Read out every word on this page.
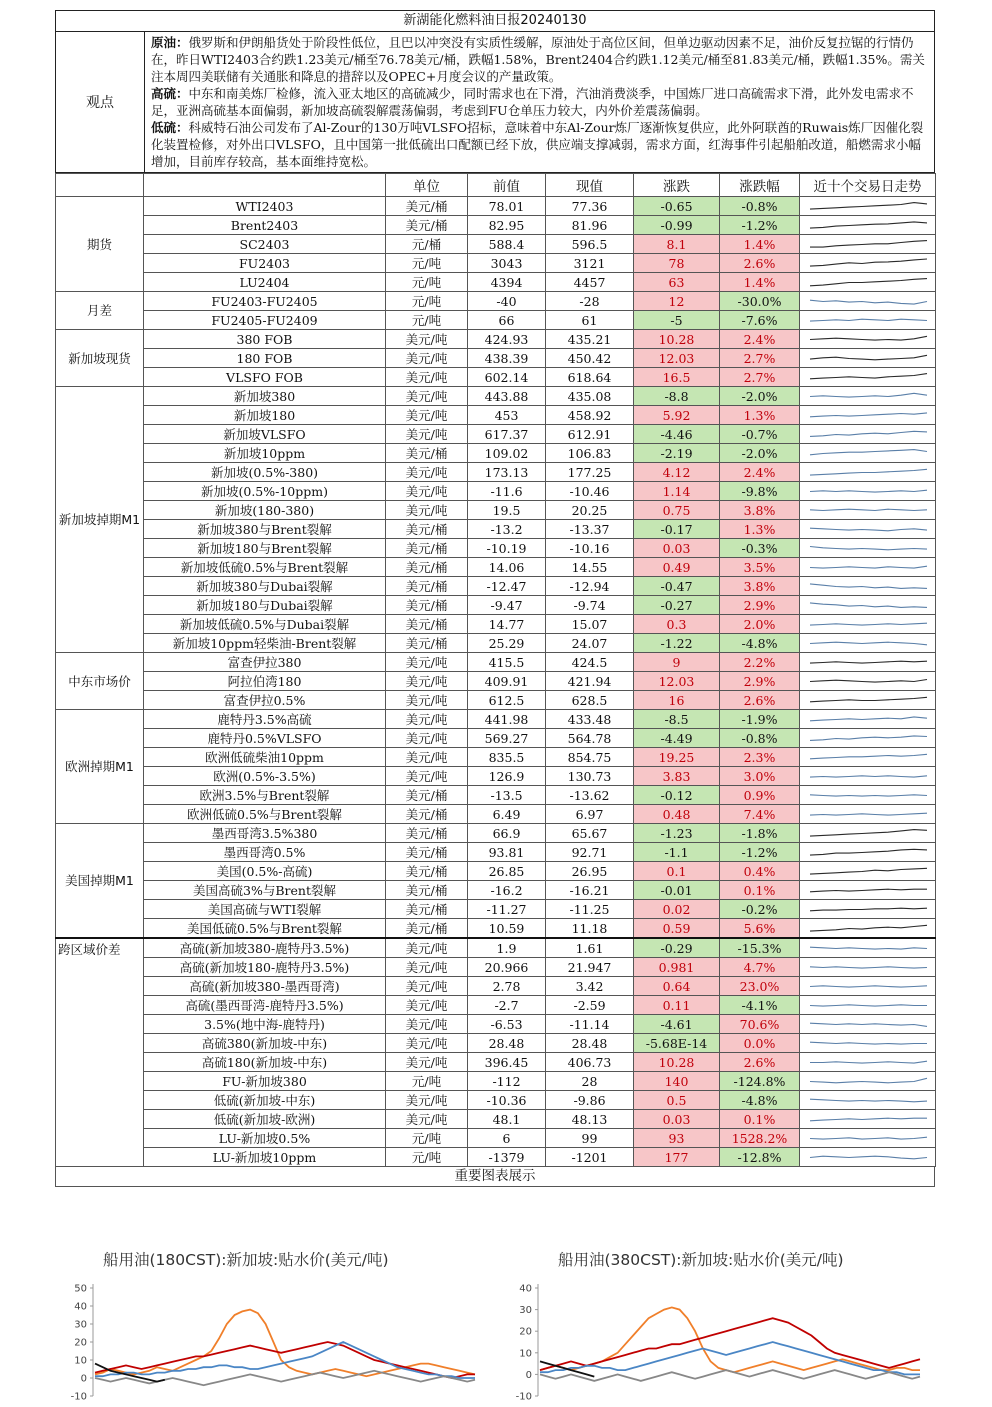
新湖能化燃料油日报20240130
观点

原油：俄罗斯和伊朗船货处于阶段性低位，且巴以冲突没有实质性缓解，原油处于高位区间，但单边驱动因素不足，油价反复拉锯的行情仍在，昨日WTI2403合约跌1.23美元/桶至76.78美元/桶，跌幅1.58%，Brent2404合约跌1.12美元/桶至81.83美元/桶，跌幅1.35%。需关注本周四美联储有关通胀和降息的措辞以及OPEC+月度会议的产量政策。

高硫：中东和南美炼厂检修，流入亚太地区的高硫减少，同时需求也在下滑，汽油消费淡季，中国炼厂进口高硫需求下滑，此外发电需求不足，亚洲高硫基本面偏弱，新加坡高硫裂解震荡偏弱，考虑到FU仓单压力较大，内外价差震荡偏弱。

低硫：科威特石油公司发布了Al-Zour的130万吨VLSFO招标，意味着中东Al-Zour炼厂逐渐恢复供应，此外阿联酋的Ruwais炼厂因催化裂化装置检修，对外出口VLSFO，且中国第一批低硫出口配额已经下放，供应端支撑减弱，需求方面，红海事件引起船舶改道，船燃需求小幅增加，目前库存较高，基本面维持宽松。

		单位	前值	现值	涨跌	涨跌幅	近十个交易日走势
期货	WTI2403	美元/桶	78.01	77.36	-0.65	-0.8%	

	Brent2403	美元/桶	82.95	81.96	-0.99	-1.2%	

	SC2403	元/桶	588.4	596.5	8.1	1.4%	

	FU2403	元/吨	3043	3121	78	2.6%	

	LU2404	元/吨	4394	4457	63	1.4%	

月差	FU2403-FU2405	元/吨	-40	-28	12	-30.0%	

	FU2405-FU2409	元/吨	66	61	-5	-7.6%	

新加坡现货	380 FOB	美元/吨	424.93	435.21	10.28	2.4%	

	180 FOB	美元/吨	438.39	450.42	12.03	2.7%	

	VLSFO FOB	美元/吨	602.14	618.64	16.5	2.7%	

新加坡掉期M1	新加坡380	美元/吨	443.88	435.08	-8.8	-2.0%	

	新加坡180	美元/吨	453	458.92	5.92	1.3%	

	新加坡VLSFO	美元/吨	617.37	612.91	-4.46	-0.7%	

	新加坡10ppm	美元/桶	109.02	106.83	-2.19	-2.0%	

	新加坡(0.5%-380)	美元/吨	173.13	177.25	4.12	2.4%	

	新加坡(0.5%-10ppm)	美元/吨	-11.6	-10.46	1.14	-9.8%	

	新加坡(180-380)	美元/吨	19.5	20.25	0.75	3.8%	

	新加坡380与Brent裂解	美元/桶	-13.2	-13.37	-0.17	1.3%	

	新加坡180与Brent裂解	美元/桶	-10.19	-10.16	0.03	-0.3%	

	新加坡低硫0.5%与Brent裂解	美元/桶	14.06	14.55	0.49	3.5%	

	新加坡380与Dubai裂解	美元/桶	-12.47	-12.94	-0.47	3.8%	

	新加坡180与Dubai裂解	美元/桶	-9.47	-9.74	-0.27	2.9%	

	新加坡低硫0.5%与Dubai裂解	美元/桶	14.77	15.07	0.3	2.0%	

	新加坡10ppm轻柴油-Brent裂解	美元/桶	25.29	24.07	-1.22	-4.8%	

中东市场价	富查伊拉380	美元/吨	415.5	424.5	9	2.2%	

	阿拉伯湾180	美元/吨	409.91	421.94	12.03	2.9%	

	富查伊拉0.5%	美元/吨	612.5	628.5	16	2.6%	

欧洲掉期M1	鹿特丹3.5%高硫	美元/吨	441.98	433.48	-8.5	-1.9%	

	鹿特丹0.5%VLSFO	美元/吨	569.27	564.78	-4.49	-0.8%	

	欧洲低硫柴油10ppm	美元/吨	835.5	854.75	19.25	2.3%	

	欧洲(0.5%-3.5%)	美元/吨	126.9	130.73	3.83	3.0%	

	欧洲3.5%与Brent裂解	美元/桶	-13.5	-13.62	-0.12	0.9%	

	欧洲低硫0.5%与Brent裂解	美元/桶	6.49	6.97	0.48	7.4%	

美国掉期M1	墨西哥湾3.5%380	美元/桶	66.9	65.67	-1.23	-1.8%	

	墨西哥湾0.5%	美元/桶	93.81	92.71	-1.1	-1.2%	

	美国(0.5%-高硫)	美元/桶	26.85	26.95	0.1	0.4%	

	美国高硫3%与Brent裂解	美元/桶	-16.2	-16.21	-0.01	0.1%	

	美国高硫与WTI裂解	美元/桶	-11.27	-11.25	0.02	-0.2%	

	美国低硫0.5%与Brent裂解	美元/桶	10.59	11.18	0.59	5.6%	

跨区域价差	高硫(新加坡380-鹿特丹3.5%)	美元/吨	1.9	1.61	-0.29	-15.3%	

	高硫(新加坡180-鹿特丹3.5%)	美元/吨	20.966	21.947	0.981	4.7%	

	高硫(新加坡380-墨西哥湾)	美元/吨	2.78	3.42	0.64	23.0%	

	高硫(墨西哥湾-鹿特丹3.5%)	美元/吨	-2.7	-2.59	0.11	-4.1%	

	3.5%(地中海-鹿特丹)	美元/吨	-6.53	-11.14	-4.61	70.6%	

	高硫380(新加坡-中东)	美元/吨	28.48	28.48	-5.68E-14	0.0%	

	高硫180(新加坡-中东)	美元/吨	396.45	406.73	10.28	2.6%	

	FU-新加坡380	元/吨	-112	28	140	-124.8%	

	低硫(新加坡-中东)	美元/吨	-10.36	-9.86	0.5	-4.8%	

	低硫(新加坡-欧洲)	美元/吨	48.1	48.13	0.03	0.1%	

	LU-新加坡0.5%	元/吨	6	99	93	1528.2%	

	LU-新加坡10ppm	元/吨	-1379	-1201	177	-12.8%	
重要图表展示
船用油(180CST):新加坡:贴水价(美元/吨)
50
40
30
20
10
0
-10
船用油(380CST):新加坡:贴水价(美元/吨)
40
30
20
10
0
-10
